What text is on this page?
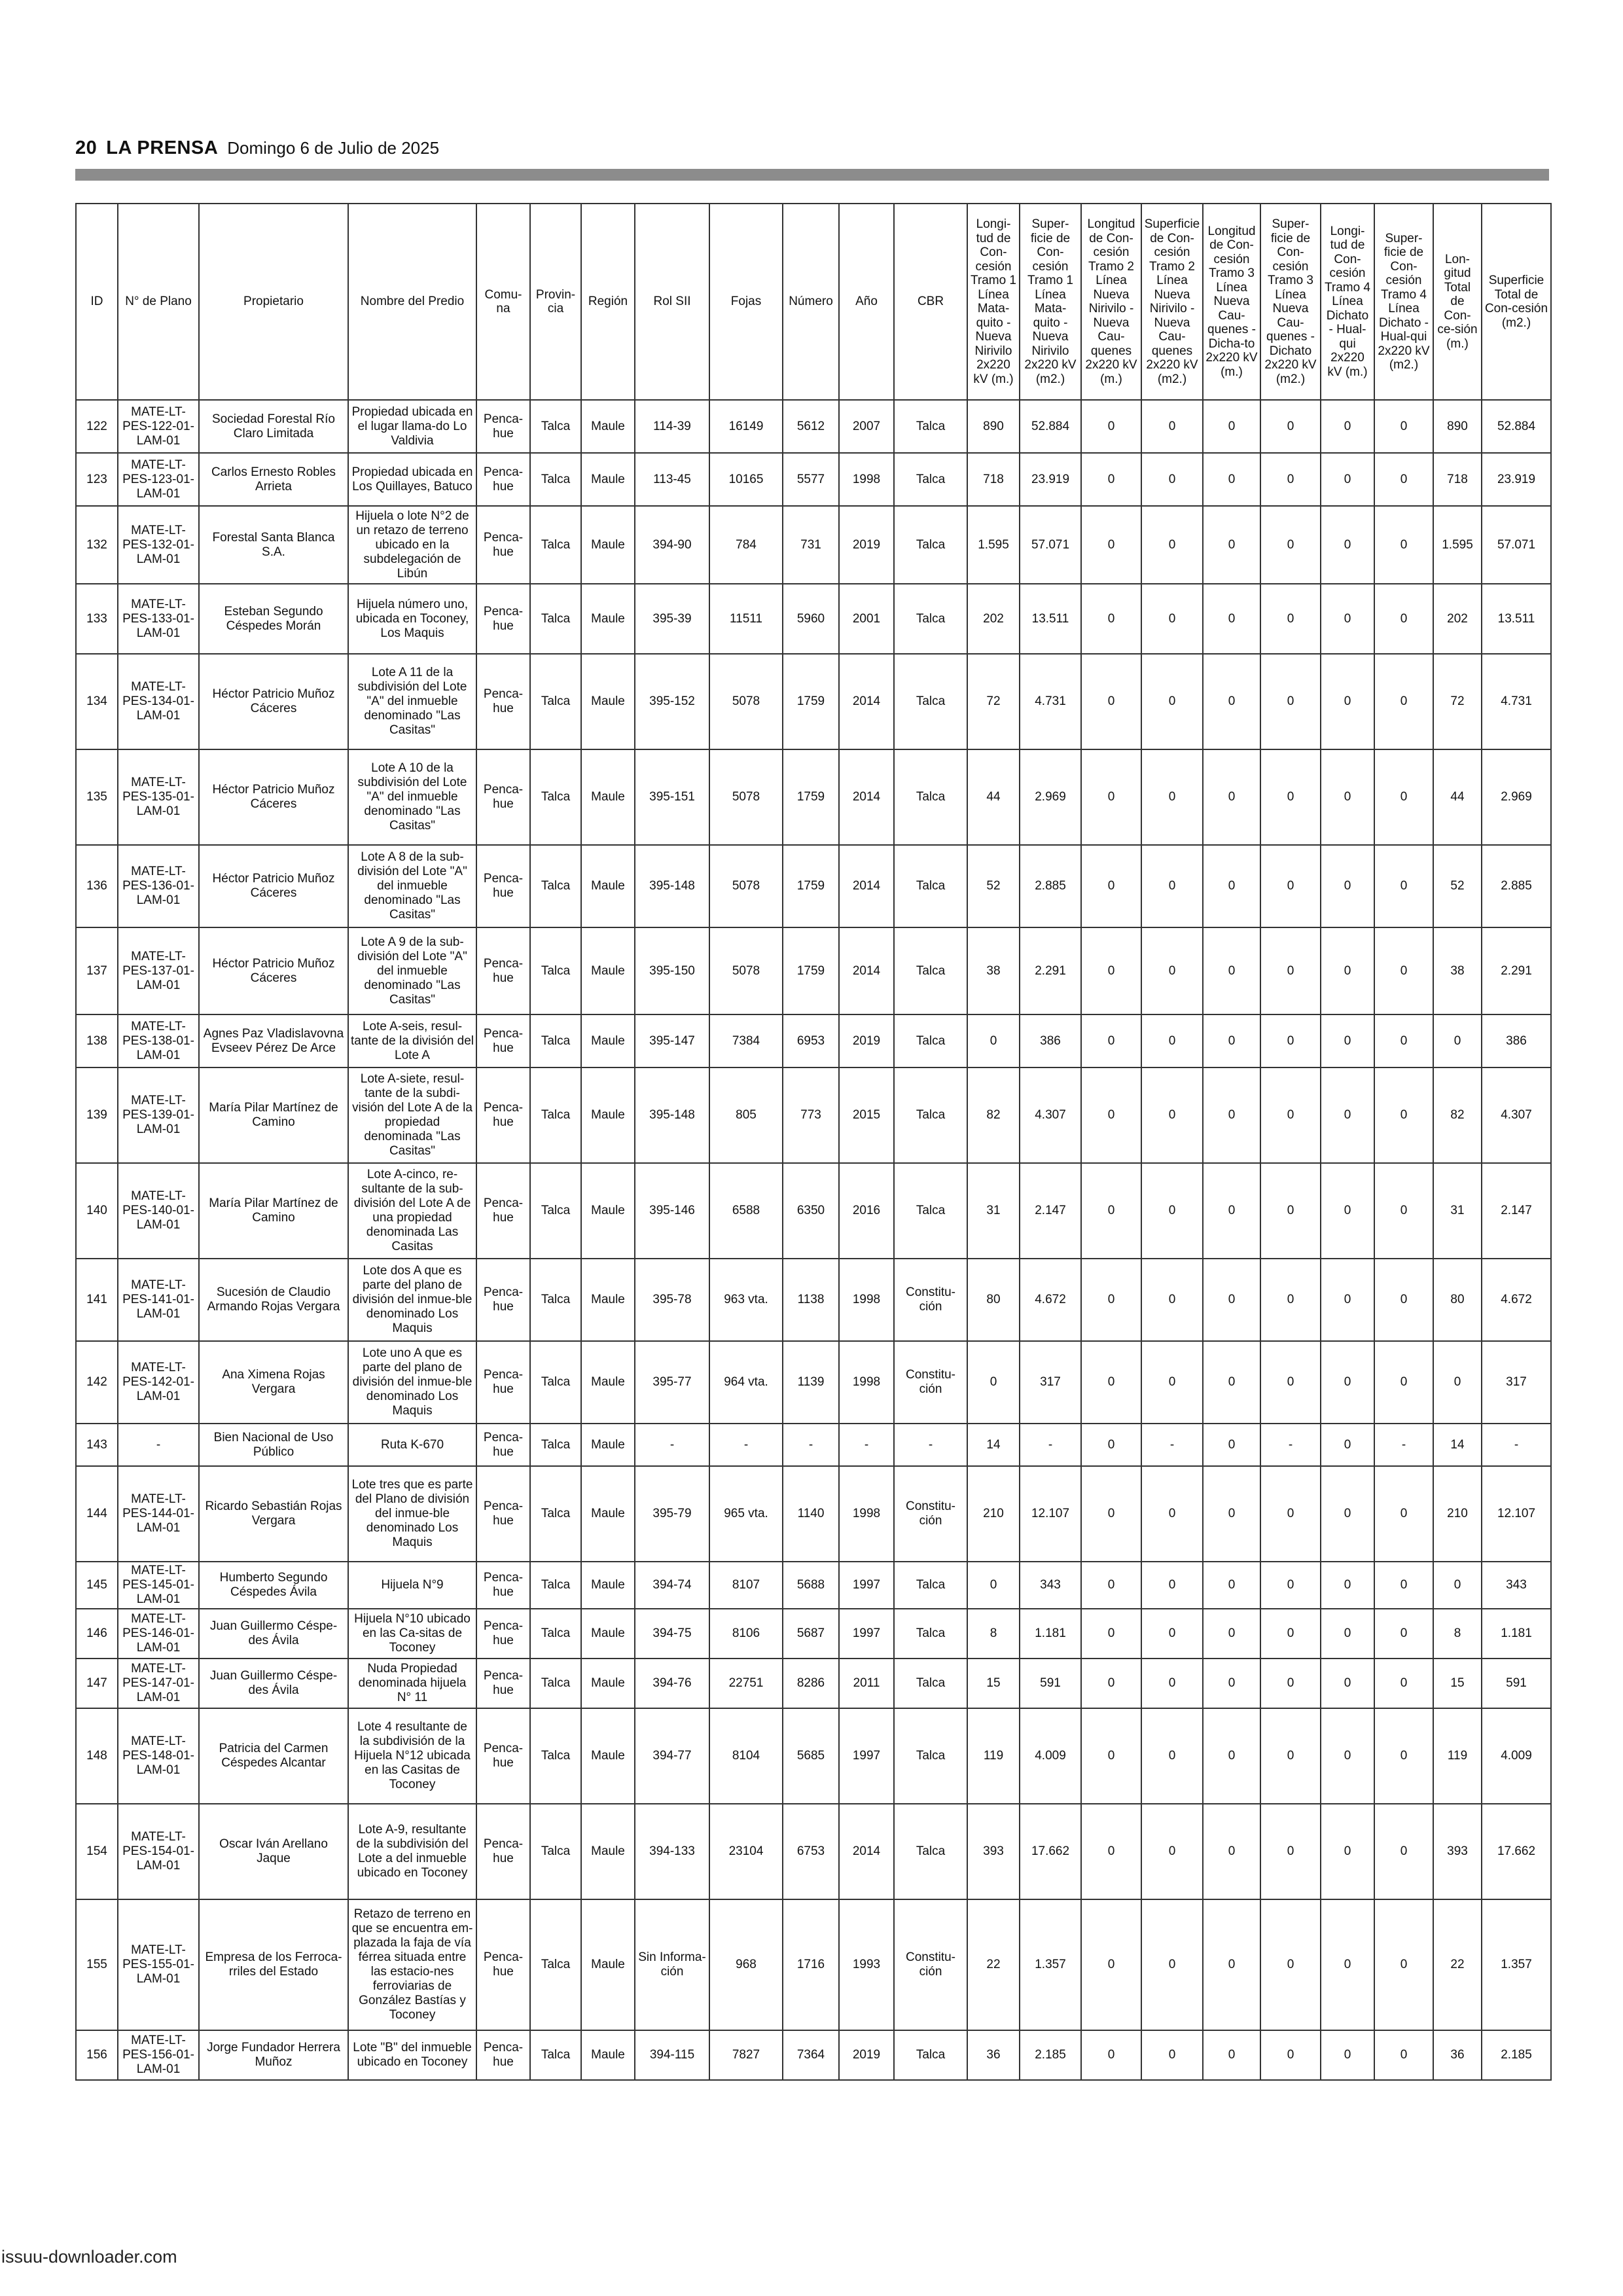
20 LA PRENSA Domingo 6 de Julio de 2025
ID	N° de Plano	Propietario	Nombre del Predio	Comu-na	Provin-cia	Región	Rol SII	Fojas	Número	Año	CBR	Longi-tud de Con-cesión Tramo 1 Línea Mata-quito - Nueva Nirivilo 2x220 kV (m.)	Super-ficie de Con-cesión Tramo 1 Línea Mata-quito - Nueva Nirivilo 2x220 kV (m2.)	Longitud de Con-cesión Tramo 2 Línea Nueva Nirivilo - Nueva Cau-quenes 2x220 kV (m.)	Superficie de Con-cesión Tramo 2 Línea Nueva Nirivilo - Nueva Cau-quenes 2x220 kV (m2.)	Longitud de Con-cesión Tramo 3 Línea Nueva Cau-quenes - Dicha-to 2x220 kV (m.)	Super-ficie de Con-cesión Tramo 3 Línea Nueva Cau-quenes - Dichato 2x220 kV (m2.)	Longi-tud de Con-cesión Tramo 4 Línea Dichato - Hual-qui 2x220 kV (m.)	Super-ficie de Con-cesión Tramo 4 Línea Dichato - Hual-qui 2x220 kV (m2.)	Lon-gitud Total de Con-ce-sión (m.)	Superficie Total de Con-cesión (m2.)
122	MATE-LT-PES-122-01-LAM-01	Sociedad Forestal Río Claro Limitada	Propiedad ubicada en el lugar llama-do Lo Valdivia	Penca-hue	Talca	Maule	114-39	16149	5612	2007	Talca	890	52.884	0	0	0	0	0	0	890	52.884
123	MATE-LT-PES-123-01-LAM-01	Carlos Ernesto Robles Arrieta	Propiedad ubicada en Los Quillayes, Batuco	Penca-hue	Talca	Maule	113-45	10165	5577	1998	Talca	718	23.919	0	0	0	0	0	0	718	23.919
132	MATE-LT-PES-132-01-LAM-01	Forestal Santa Blanca S.A.	Hijuela o lote N°2 de un retazo de terreno ubicado en la subdelegación de Libún	Penca-hue	Talca	Maule	394-90	784	731	2019	Talca	1.595	57.071	0	0	0	0	0	0	1.595	57.071
133	MATE-LT-PES-133-01-LAM-01	Esteban Segundo Céspedes Morán	Hijuela número uno, ubicada en Toconey, Los Maquis	Penca-hue	Talca	Maule	395-39	11511	5960	2001	Talca	202	13.511	0	0	0	0	0	0	202	13.511
134	MATE-LT-PES-134-01-LAM-01	Héctor Patricio Muñoz Cáceres	Lote A 11 de la subdivisión del Lote "A" del inmueble denominado "Las Casitas"	Penca-hue	Talca	Maule	395-152	5078	1759	2014	Talca	72	4.731	0	0	0	0	0	0	72	4.731
135	MATE-LT-PES-135-01-LAM-01	Héctor Patricio Muñoz Cáceres	Lote A 10 de la subdivisión del Lote "A" del inmueble denominado "Las Casitas"	Penca-hue	Talca	Maule	395-151	5078	1759	2014	Talca	44	2.969	0	0	0	0	0	0	44	2.969
136	MATE-LT-PES-136-01-LAM-01	Héctor Patricio Muñoz Cáceres	Lote A 8 de la sub-división del Lote "A" del inmueble denominado "Las Casitas"	Penca-hue	Talca	Maule	395-148	5078	1759	2014	Talca	52	2.885	0	0	0	0	0	0	52	2.885
137	MATE-LT-PES-137-01-LAM-01	Héctor Patricio Muñoz Cáceres	Lote A 9 de la sub-división del Lote "A" del inmueble denominado "Las Casitas"	Penca-hue	Talca	Maule	395-150	5078	1759	2014	Talca	38	2.291	0	0	0	0	0	0	38	2.291
138	MATE-LT-PES-138-01-LAM-01	Agnes Paz Vladislavovna Evseev Pérez De Arce	Lote A-seis, resul-tante de la división del Lote A	Penca-hue	Talca	Maule	395-147	7384	6953	2019	Talca	0	386	0	0	0	0	0	0	0	386
139	MATE-LT-PES-139-01-LAM-01	María Pilar Martínez de Camino	Lote A-siete, resul-tante de la subdi-visión del Lote A de la propiedad denominada "Las Casitas"	Penca-hue	Talca	Maule	395-148	805	773	2015	Talca	82	4.307	0	0	0	0	0	0	82	4.307
140	MATE-LT-PES-140-01-LAM-01	María Pilar Martínez de Camino	Lote A-cinco, re-sultante de la sub-división del Lote A de una propiedad denominada Las Casitas	Penca-hue	Talca	Maule	395-146	6588	6350	2016	Talca	31	2.147	0	0	0	0	0	0	31	2.147
141	MATE-LT-PES-141-01-LAM-01	Sucesión de Claudio Armando Rojas Vergara	Lote dos A que es parte del plano de división del inmue-ble denominado Los Maquis	Penca-hue	Talca	Maule	395-78	963 vta.	1138	1998	Constitu-ción	80	4.672	0	0	0	0	0	0	80	4.672
142	MATE-LT-PES-142-01-LAM-01	Ana Ximena Rojas Vergara	Lote uno A que es parte del plano de división del inmue-ble denominado Los Maquis	Penca-hue	Talca	Maule	395-77	964 vta.	1139	1998	Constitu-ción	0	317	0	0	0	0	0	0	0	317
143	-	Bien Nacional de Uso Público	Ruta K-670	Penca-hue	Talca	Maule	-	-	-	-	-	14	-	0	-	0	-	0	-	14	-
144	MATE-LT-PES-144-01-LAM-01	Ricardo Sebastián Rojas Vergara	Lote tres que es parte del Plano de división del inmue-ble denominado Los Maquis	Penca-hue	Talca	Maule	395-79	965 vta.	1140	1998	Constitu-ción	210	12.107	0	0	0	0	0	0	210	12.107
145	MATE-LT-PES-145-01-LAM-01	Humberto Segundo Céspedes Ávila	Hijuela N°9	Penca-hue	Talca	Maule	394-74	8107	5688	1997	Talca	0	343	0	0	0	0	0	0	0	343
146	MATE-LT-PES-146-01-LAM-01	Juan Guillermo Céspe-des Ávila	Hijuela N°10 ubicado en las Ca-sitas de Toconey	Penca-hue	Talca	Maule	394-75	8106	5687	1997	Talca	8	1.181	0	0	0	0	0	0	8	1.181
147	MATE-LT-PES-147-01-LAM-01	Juan Guillermo Céspe-des Ávila	Nuda Propiedad denominada hijuela N° 11	Penca-hue	Talca	Maule	394-76	22751	8286	2011	Talca	15	591	0	0	0	0	0	0	15	591
148	MATE-LT-PES-148-01-LAM-01	Patricia del Carmen Céspedes Alcantar	Lote 4 resultante de la subdivisión de la Hijuela N°12 ubicada en las Casitas de Toconey	Penca-hue	Talca	Maule	394-77	8104	5685	1997	Talca	119	4.009	0	0	0	0	0	0	119	4.009
154	MATE-LT-PES-154-01-LAM-01	Oscar Iván Arellano Jaque	Lote A-9, resultante de la subdivisión del Lote a del inmueble ubicado en Toconey	Penca-hue	Talca	Maule	394-133	23104	6753	2014	Talca	393	17.662	0	0	0	0	0	0	393	17.662
155	MATE-LT-PES-155-01-LAM-01	Empresa de los Ferroca-rriles del Estado	Retazo de terreno en que se encuentra em-plazada la faja de vía férrea situada entre las estacio-nes ferroviarias de González Bastías y Toconey	Penca-hue	Talca	Maule	Sin Informa-ción	968	1716	1993	Constitu-ción	22	1.357	0	0	0	0	0	0	22	1.357
156	MATE-LT-PES-156-01-LAM-01	Jorge Fundador Herrera Muñoz	Lote "B" del inmueble ubicado en Toconey	Penca-hue	Talca	Maule	394-115	7827	7364	2019	Talca	36	2.185	0	0	0	0	0	0	36	2.185
issuu-downloader.com
